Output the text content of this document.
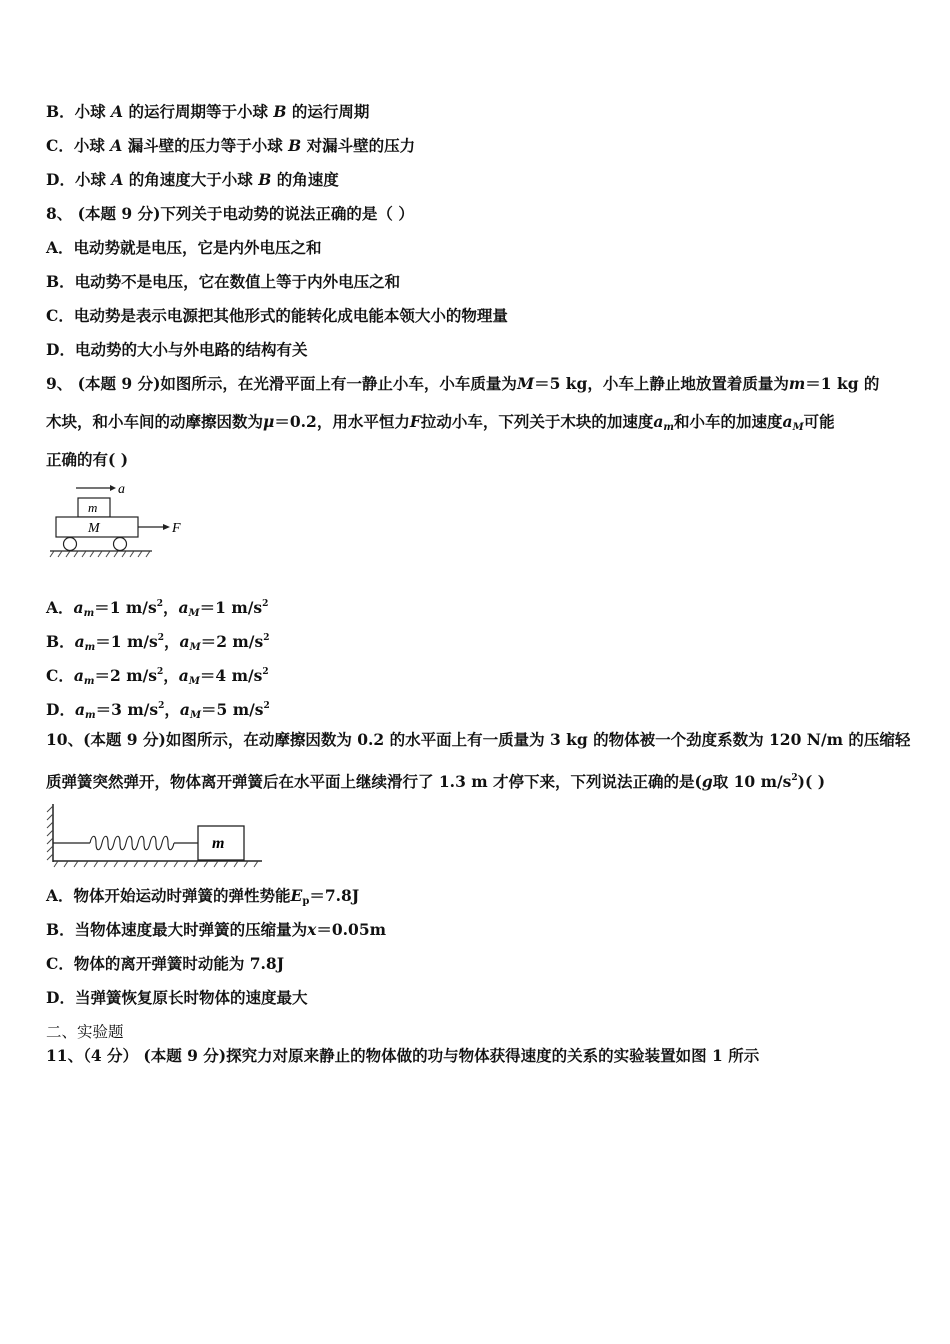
B．小球 A 的运行周期等于小球 B 的运行周期
C．小球 A 漏斗壁的压力等于小球 B 对漏斗壁的压力
D．小球 A 的角速度大于小球 B 的角速度
8、 (本题 9 分)下列关于电动势的说法正确的是（ ）
A．电动势就是电压，它是内外电压之和
B．电动势不是电压，它在数值上等于内外电压之和
C．电动势是表示电源把其他形式的能转化成电能本领大小的物理量
D．电动势的大小与外电路的结构有关
9、 (本题 9 分)如图所示，在光滑平面上有一静止小车，小车质量为M＝5 kg，小车上静止地放置着质量为m＝1 kg 的
木块，和小车间的动摩擦因数为μ＝0.2，用水平恒力F拉动小车，下列关于木块的加速度$a_m$和小车的加速度$a_M$可能
正确的有( )
a
m
M	F
A．$a_m=1$ $m/s^2$，$a_M=1$ $m/s^2$
B．$a_m=1$ $m/s^2$，$a_M=2$ $m/s^2$
C．$a_m=2$ $m/s^2$，$a_M=4$ $m/s^2$
D．$a_m=3$ $m/s^2$，$a_M=5$ $m/s^2$
10、(本题 9 分)如图所示，在动摩擦因数为 0.2 的水平面上有一质量为 3 kg 的物体被一个劲度系数为 120 N/m 的压缩轻
质弹簧突然弹开，物体离开弹簧后在水平面上继续滑行了 1.3 m 才停下来，下列说法正确的是(g取 10 $m/s^2$)( )
m
A．物体开始运动时弹簧的弹性势能$E_p=7.8J$
B．当物体速度最大时弹簧的压缩量为x＝0.05m
C．物体的离开弹簧时动能为 7.8J
D．当弹簧恢复原长时物体的速度最大
二、实验题
11、（4 分） (本题 9 分)探究力对原来静止的物体做的功与物体获得速度的关系的实验装置如图 1 所示
